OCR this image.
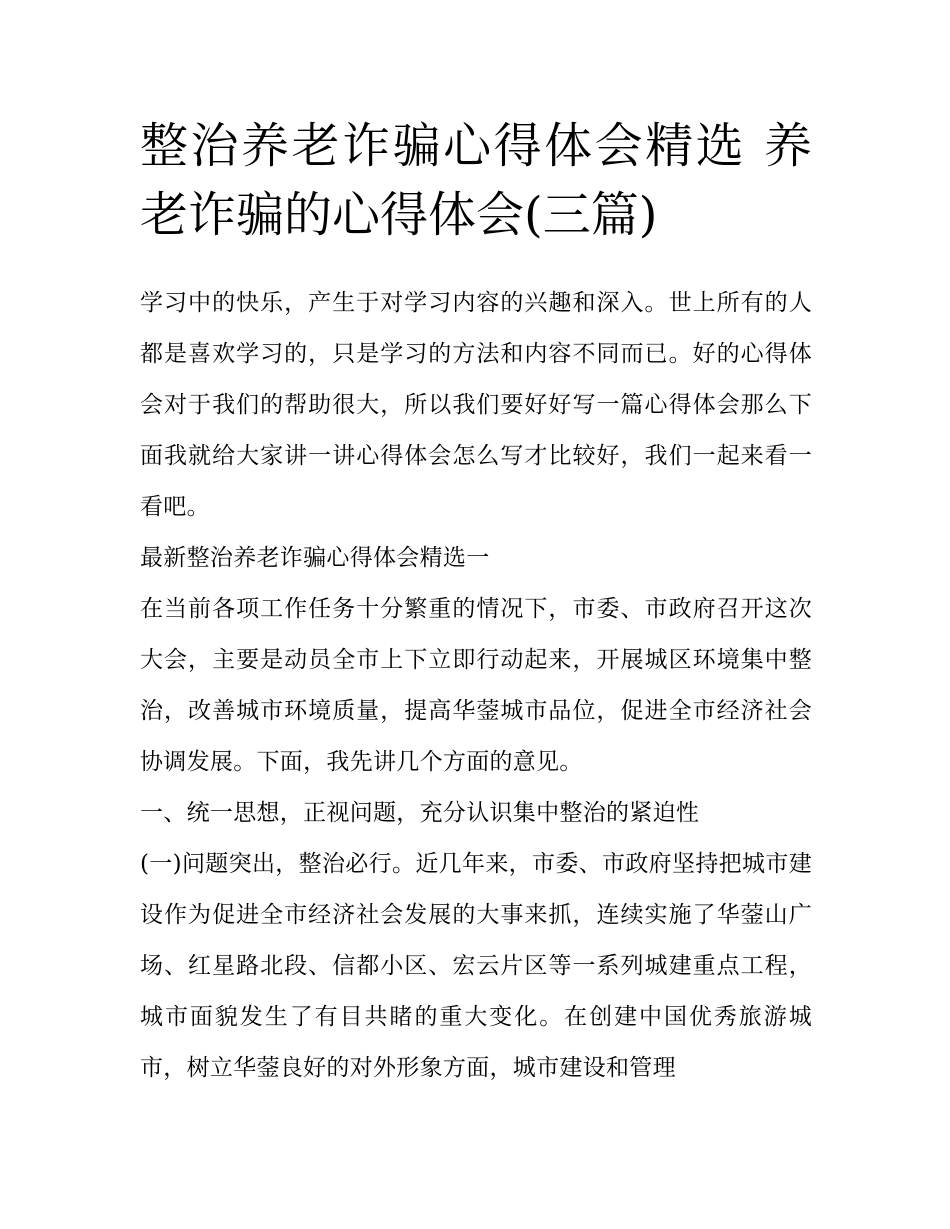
整治养老诈骗心得体会精选 养老诈骗的心得体会(三篇)

学习中的快乐，产生于对学习内容的兴趣和深入。世上所有的人都是喜欢学习的，只是学习的方法和内容不同而已。好的心得体会对于我们的帮助很大，所以我们要好好写一篇心得体会那么下面我就给大家讲一讲心得体会怎么写才比较好，我们一起来看一看吧。

最新整治养老诈骗心得体会精选一

在当前各项工作任务十分繁重的情况下，市委、市政府召开这次大会，主要是动员全市上下立即行动起来，开展城区环境集中整治，改善城市环境质量，提高华蓥城市品位，促进全市经济社会协调发展。下面，我先讲几个方面的意见。

一、统一思想，正视问题，充分认识集中整治的紧迫性

(一)问题突出，整治必行。近几年来，市委、市政府坚持把城市建设作为促进全市经济社会发展的大事来抓，连续实施了华蓥山广场、红星路北段、信都小区、宏云片区等一系列城建重点工程，城市面貌发生了有目共睹的重大变化。在创建中国优秀旅游城市，树立华蓥良好的对外形象方面，城市建设和管理
